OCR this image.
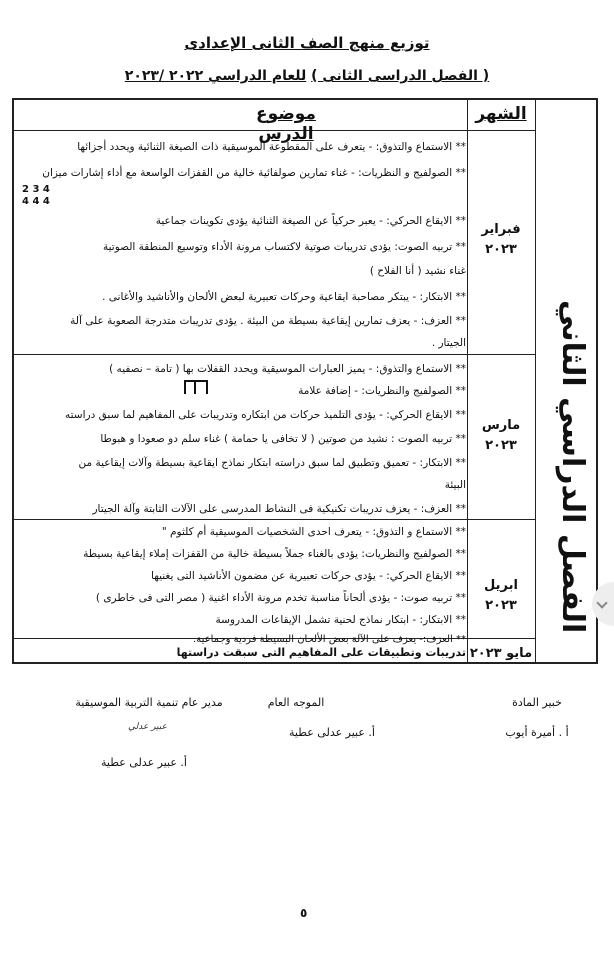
توزيع منهج الصف الثانى الإعدادى
( الفصل الدراسى الثانى ) للعام الدراسي ٢٠٢٢ /٢٠٢٣
الشهر
موضوع الدرس
الفصل الدراسي الثاني
فبراير
٢٠٢٣
مارس
٢٠٢٣
ابريل ٢٠٢٣
مايو ٢٠٢٣
** الاستماع والتذوق: - يتعرف على المقطوعة الموسيقية ذات الصيغة الثنائية ويحدد أجزائها
** الصولفيج و النظريات: - غناء تمارين صولفائية خالية من القفزات الواسعة مع أداء إشارات ميزان
2 3 4
4 4 4
** الايقاع الحركي: - يعبر حركياً عن الصيغة الثنائية يؤدى تكوينات جماعية
** تربيه الصوت: يؤدى تدريبات صوتية لاكتساب مرونة الأداء وتوسيع المنطقة الصوتية
غناء نشيد ( أنا الفلاح )
** الابتكار: - يبتكر مصاحبة ايقاعية وحركات تعبيرية لبعض الألحان والأناشيد والأغانى .
** العزف: - يعزف تمارين إيقاعية بسيطة من البيئة . يؤدى تدريبات متدرجة الصعوبة على آلة
الجيتار .
** الاستماع والتذوق: - يميز العبارات الموسيقية ويحدد القفلات بها ( تامة – نصفيه )
** الصولفيج والنظريات: - إضافة علامة
** الايقاع الحركي: - يؤدى التلميذ حركات من ابتكاره وتدريبات على المفاهيم لما سبق دراسته
** تربيه الصوت : نشيد من صوتين ( لا تخافى يا حمامة ) غناء سلم دو صعودا و هبوطا
** الابتكار: - تعميق وتطبيق لما سبق دراسته ابتكار نماذج ايقاعية بسيطة وآلات إيقاعية من
البيئة
** العزف: - يعزف تدريبات تكنيكية فى النشاط المدرسى على الآلات الثابتة وآلة الجيتار
** الاستماع و التذوق: - يتعرف احدى الشخصيات الموسيقية أم كلثوم "
** الصولفيج والنظريات: يؤدى بالغناء جملاً بسيطة خالية من القفزات إملاء إيقاعية بسيطة
** الايقاع الحركي: - يؤدى حركات تعبيرية عن مضمون الأناشيد التى يغنيها
** تربيه صوت: - يؤدى ألحاناً مناسبة تخدم مرونة الأداء اغنية ( مصر التى فى خاطرى )
** الابتكار: - ابتكار نماذج لحنية تشمل الإيقاعات المدروسة
** العزف:- يعزف على الآلة بعض الألحان البسيطة فردية وجماعية.
تدريبات وتطبيقات على المفاهيم التى سبقت دراستها
خبير المادة
أ . أميرة أيوب
الموجه العام
أ. عبير عدلى عطية
مدير عام تنمية التربية الموسيقية
عبير عدلي
أ. عبير عدلى عطية
٥
